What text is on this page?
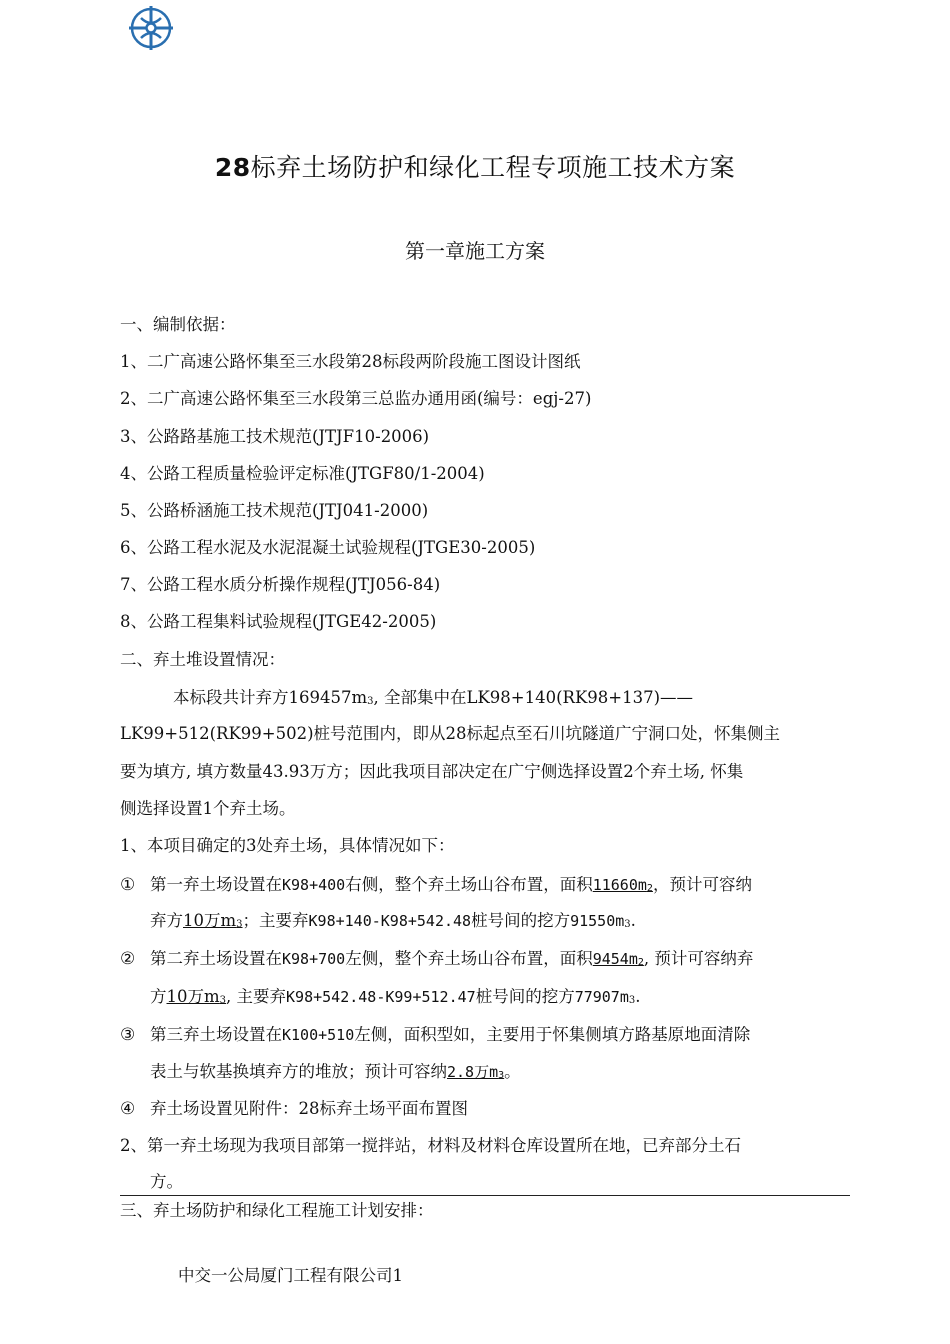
28标弃土场防护和绿化工程专项施工技术方案
第一章施工方案
一、编制依据：
1、二广高速公路怀集至三水段第28标段两阶段施工图设计图纸
2、二广高速公路怀集至三水段第三总监办通用函(编号：egj-27)
3、公路路基施工技术规范(JTJF10-2006)
4、公路工程质量检验评定标准(JTGF80/1-2004)
5、公路桥涵施工技术规范(JTJ041-2000)
6、公路工程水泥及水泥混凝土试验规程(JTGE30-2005)
7、公路工程水质分析操作规程(JTJ056-84)
8、公路工程集料试验规程(JTGE42-2005)
二、弃土堆设置情况：
本标段共计弃方169457m3, 全部集中在LK98+140(RK98+137)——
LK99+512(RK99+502)桩号范围内，即从28标起点至石川坑隧道广宁洞口处，怀集侧主
要为填方, 填方数量43.93万方；因此我项目部决定在广宁侧选择设置2个弃土场, 怀集
侧选择设置1个弃土场。
1、本项目确定的3处弃土场，具体情况如下：
① 第一弃土场设置在K98+400右侧，整个弃土场山谷布置，面积11660m2，预计可容纳
弃方10万m3；主要弃K98+140-K98+542.48桩号间的挖方91550m3.
② 第二弃土场设置在K98+700左侧，整个弃土场山谷布置，面积9454m2, 预计可容纳弃
方10万m3, 主要弃K98+542.48-K99+512.47桩号间的挖方77907m3.
③ 第三弃土场设置在K100+510左侧，面积型如，主要用于怀集侧填方路基原地面清除
表土与软基换填弃方的堆放；预计可容纳2.8万m3。
④ 弃土场设置见附件：28标弃土场平面布置图
2、第一弃土场现为我项目部第一搅拌站，材料及材料仓库设置所在地，已弃部分土石
方。
三、弃土场防护和绿化工程施工计划安排：
中交一公局厦门工程有限公司1
